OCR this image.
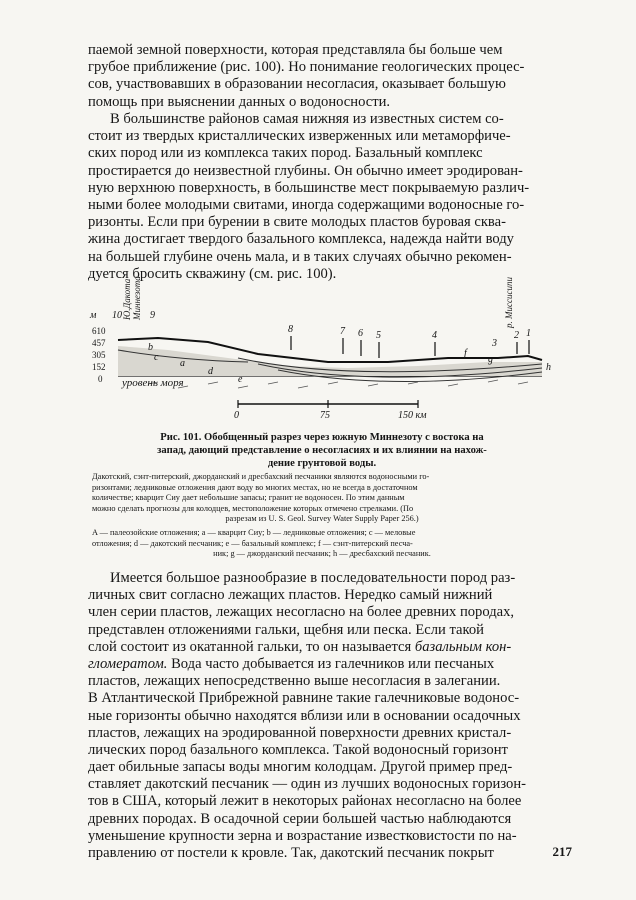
паемой земной поверхности, которая представляла бы больше чем
грубое приближение (рис. 100). Но понимание геологических процес-
сов, участвовавших в образовании несогласия, оказывает большую
помощь при выяснении данных о водоносности.

В большинстве районов самая нижняя из известных систем со-
стоит из твердых кристаллических изверженных или метаморфиче-
ских пород или из комплекса таких пород. Базальный комплекс
простирается до неизвестной глубины. Он обычно имеет эродирован-
ную верхнюю поверхность, в большинстве мест покрываемую различ-
ными более молодыми свитами, иногда содержащими водоносные го-
ризонты. Если при бурении в свите молодых пластов буровая сква-
жина достигает твердого базального комплекса, надежда найти воду
на большей глубине очень мала, и в таких случаях обычно рекомен-
дуется бросить скважину (см. рис. 100).

м
610
457
305
152
0 уровень моря
Ю.Дакота Миннезота	р. Миссисипи
10	9
8	7 6 5	4
3
2 1
a
b
c
d
e
f
g
h
0	75	150 км

Рис. 101. Обобщенный разрез через южную Миннезоту с востока на
запад, дающий представление о несогласиях и их влиянии на нахож-
дение грунтовой воды.

Дакотский, сэнт-питерский, джорданский и дресбахский песчаники являются водоносными го-
ризонтами; ледниковые отложения дают воду во многих местах, но не всегда в достаточном
количестве; кварцит Сиу дает небольшие запасы; гранит не водоносен. По этим данным
можно сделать прогнозы для колодцев, местоположение которых отмечено стрелками. (По
разрезам из U. S. Geol. Survey Water Supply Paper 256.)

A — палеозойские отложения; a — кварцит Сиу; b — ледниковые отложения; c — меловые
отложения; d — дакотский песчаник; e — базальный комплекс; f — сэнт-питерский песча-
ник; g — джорданский песчаник; h — дресбахский песчаник.

Имеется большое разнообразие в последовательности пород раз-
личных свит согласно лежащих пластов. Нередко самый нижний
член серии пластов, лежащих несогласно на более древних породах,
представлен отложениями гальки, щебня или песка. Если такой
слой состоит из окатанной гальки, то он называется базальным кон-
гломератом. Вода часто добывается из галечников или песчаных
пластов, лежащих непосредственно выше несогласия в залегании.
В Атлантической Прибрежной равнине такие галечниковые водонос-
ные горизонты обычно находятся вблизи или в основании осадочных
пластов, лежащих на эродированной поверхности древних кристал-
лических пород базального комплекса. Такой водоносный горизонт
дает обильные запасы воды многим колодцам. Другой пример пред-
ставляет дакотский песчаник — один из лучших водоносных горизон-
тов в США, который лежит в некоторых районах несогласно на более
древних породах. В осадочной серии большей частью наблюдаются
уменьшение крупности зерна и возрастание известковистости по на-
правлению от постели к кровле. Так, дакотский песчаник покрыт	217
